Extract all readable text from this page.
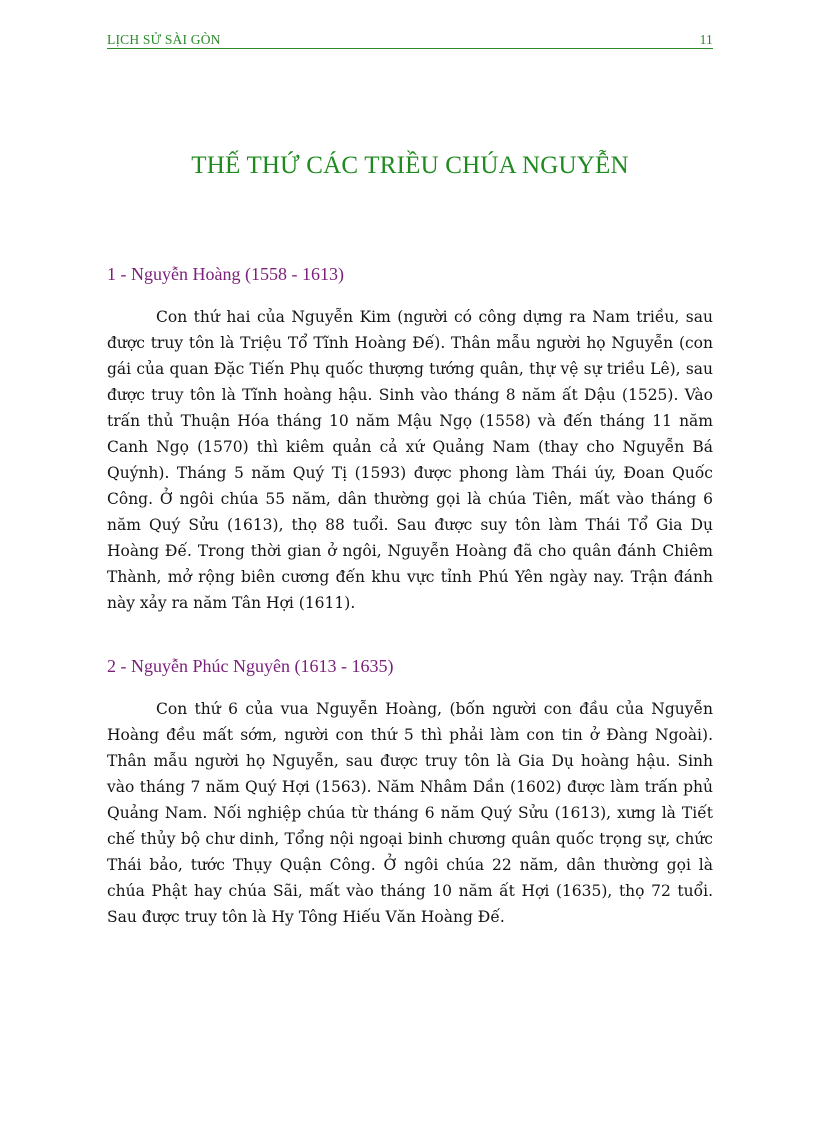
LỊCH SỬ SÀI GÒN	11
THẾ THỨ CÁC TRIỀU CHÚA NGUYỄN
1 - Nguyễn Hoàng (1558 - 1613)

Con thứ hai của Nguyễn Kim (người có công dựng ra Nam triều, sau được truy tôn là Triệu Tổ Tĩnh Hoàng Đế). Thân mẫu người họ Nguyễn (con gái của quan Đặc Tiến Phụ quốc thượng tướng quân, thự vệ sự triều Lê), sau được truy tôn là Tĩnh hoàng hậu. Sinh vào tháng 8 năm ất Dậu (1525). Vào trấn thủ Thuận Hóa tháng 10 năm Mậu Ngọ (1558) và đến tháng 11 năm Canh Ngọ (1570) thì kiêm quản cả xứ Quảng Nam (thay cho Nguyễn Bá Quýnh). Tháng 5 năm Quý Tị (1593) được phong làm Thái úy, Đoan Quốc Công. Ở ngôi chúa 55 năm, dân thường gọi là chúa Tiên, mất vào tháng 6 năm Quý Sửu (1613), thọ 88 tuổi. Sau được suy tôn làm Thái Tổ Gia Dụ Hoàng Đế. Trong thời gian ở ngôi, Nguyễn Hoàng đã cho quân đánh Chiêm Thành, mở rộng biên cương đến khu vực tỉnh Phú Yên ngày nay. Trận đánh này xảy ra năm Tân Hợi (1611).

2 - Nguyễn Phúc Nguyên (1613 - 1635)

Con thứ 6 của vua Nguyễn Hoàng, (bốn người con đầu của Nguyễn Hoàng đều mất sớm, người con thứ 5 thì phải làm con tin ở Đàng Ngoài). Thân mẫu người họ Nguyễn, sau được truy tôn là Gia Dụ hoàng hậu. Sinh vào tháng 7 năm Quý Hợi (1563). Năm Nhâm Dần (1602) được làm trấn phủ Quảng Nam. Nối nghiệp chúa từ tháng 6 năm Quý Sửu (1613), xưng là Tiết chế thủy bộ chư dinh, Tổng nội ngoại binh chương quân quốc trọng sự, chức Thái bảo, tước Thụy Quận Công. Ở ngôi chúa 22 năm, dân thường gọi là chúa Phật hay chúa Sãi, mất vào tháng 10 năm ất Hợi (1635), thọ 72 tuổi. Sau được truy tôn là Hy Tông Hiếu Văn Hoàng Đế.
